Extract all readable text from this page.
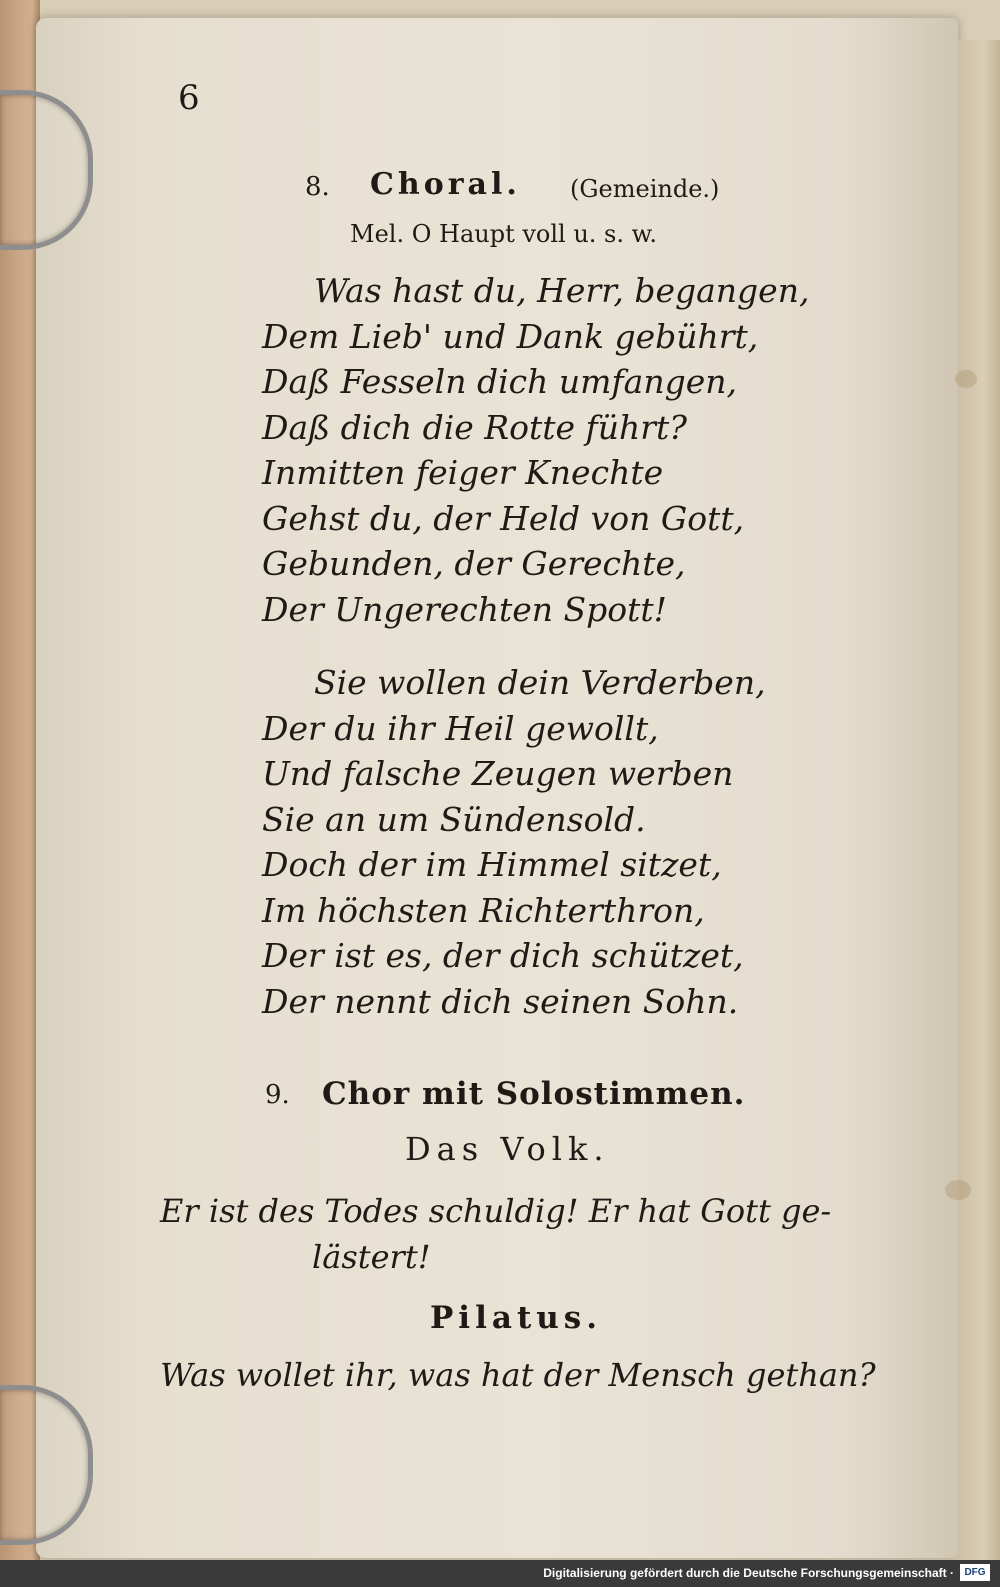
6
8. Choral. (Gemeinde.)
Mel. O Haupt voll u. s. w.
Was hast du, Herr, begangen,
Dem Lieb' und Dank gebührt,
Daß Fesseln dich umfangen,
Daß dich die Rotte führt?
Inmitten feiger Knechte
Gehst du, der Held von Gott,
Gebunden, der Gerechte,
Der Ungerechten Spott!
Sie wollen dein Verderben,
Der du ihr Heil gewollt,
Und falsche Zeugen werben
Sie an um Sündensold.
Doch der im Himmel sitzet,
Im höchsten Richterthron,
Der ist es, der dich schützet,
Der nennt dich seinen Sohn.
9. Chor mit Solostimmen.
Das Volk.
Er ist des Todes schuldig! Er hat Gott ge-
lästert!
Pilatus.
Was wollet ihr, was hat der Mensch gethan?
Digitalisierung gefördert durch die Deutsche Forschungsgemeinschaft ·	DFG
